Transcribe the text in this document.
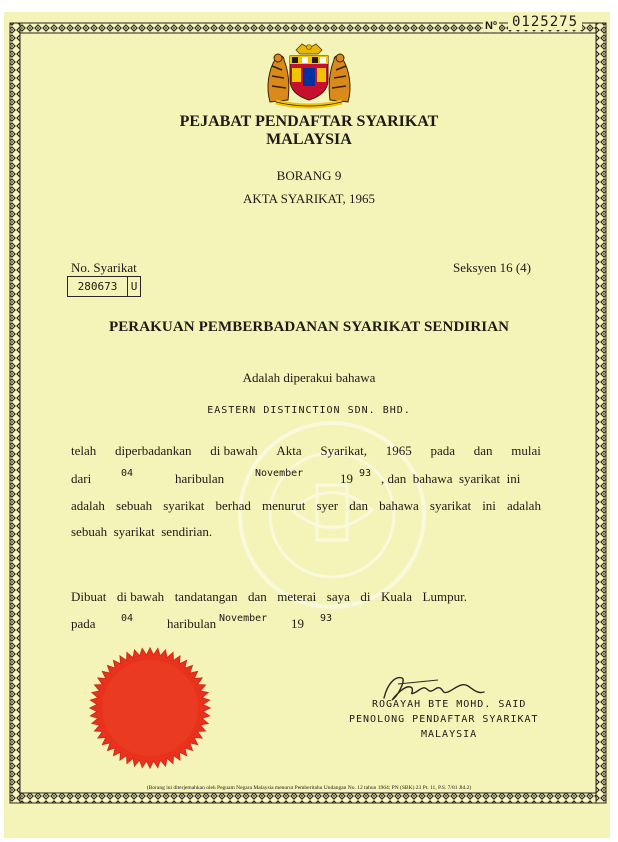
Nº 0125275
PEJABAT PENDAFTAR SYARIKAT
MALAYSIA
BORANG 9
AKTA SYARIKAT, 1965
No. Syarikat	Seksyen 16 (4)
280673	U
PERAKUAN PEMBERBADANAN SYARIKAT SENDIRIAN
Adalah diperakui bahawa
EASTERN DISTINCTION SDN. BHD.
telah diperbadankan di bawah Akta Syarikat, 1965 pada dan mulai
dari	04	haribulan	November	19 93 , dan  bahawa  syarikat  ini
adalah sebuah syarikat berhad menurut syer dan bahawa syarikat ini adalah
sebuah  syarikat  sendirian.
Dibuat di bawah tandatangan dan meterai saya di Kuala Lumpur.
pada	04	haribulan November 19 93
ROGAYAH BTE MOHD. SAID
PENOLONG PENDAFTAR SYARIKAT
MALAYSIA
(Borang ini diterjemahkan oleh Peguam Negara Malaysia menurut Pemberitahu Undangan No. 12 tahun 1964; PN (SBK) 23 Pt. 11, P.S. 7/81 Jld.2)
